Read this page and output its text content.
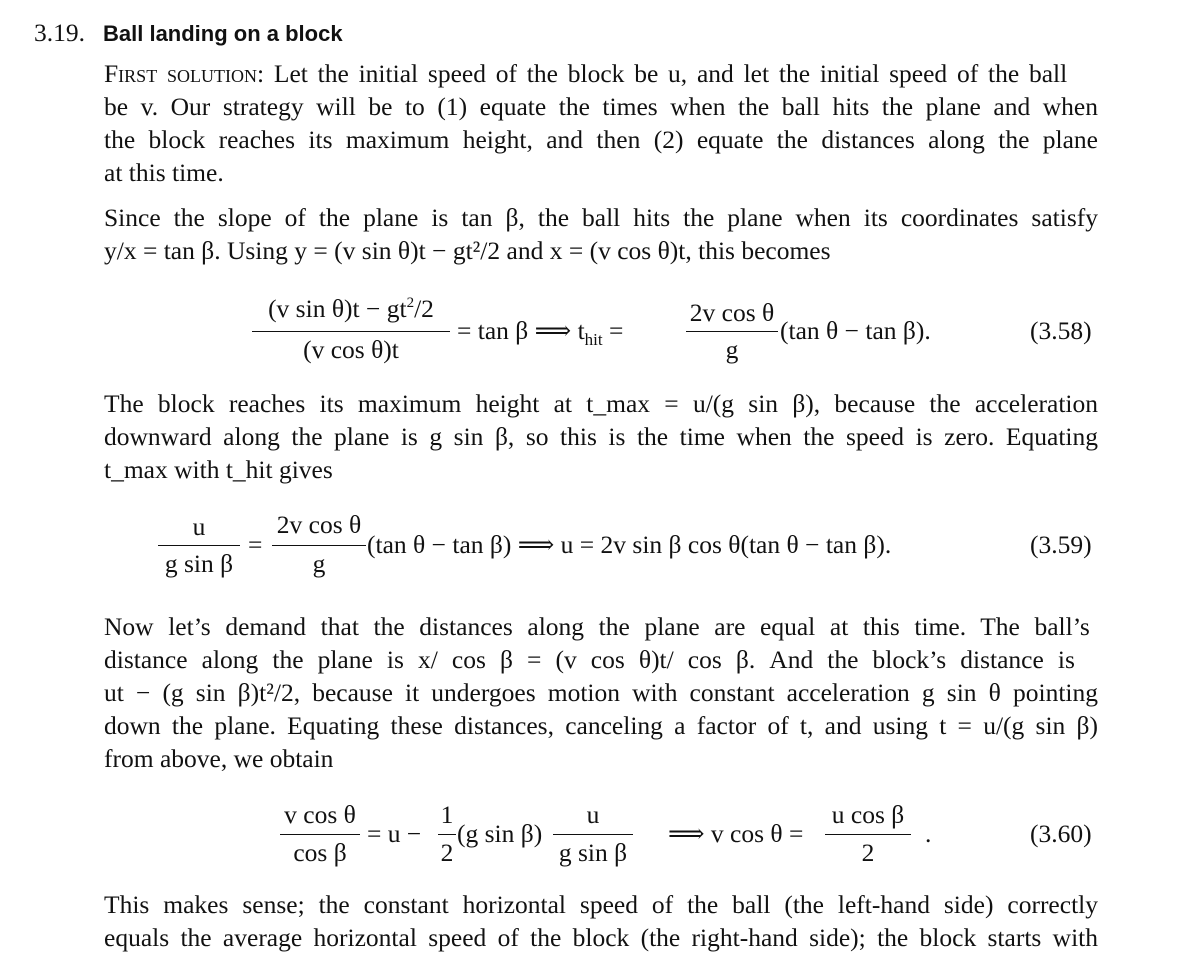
3.19. Ball landing on a block
First solution: Let the initial speed of the block be u, and let the initial speed of the ball
be v. Our strategy will be to (1) equate the times when the ball hits the plane and when
the block reaches its maximum height, and then (2) equate the distances along the plane
at this time.
Since the slope of the plane is tan β, the ball hits the plane when its coordinates satisfy
y/x = tan β. Using y = (v sin θ)t − gt²/2 and x = (v cos θ)t, this becomes
(v $\sin \theta)t - gt^2/2$
(v cos θ)t
= tan β ⟹ $t_{hit}$ =
2v cos θ
g
(tan θ − tan β).	(3.58)
The block reaches its maximum height at t_max = u/(g sin β), because the acceleration
downward along the plane is g sin β, so this is the time when the speed is zero. Equating
t_max with t_hit gives
u
g sin β
=
2v cos θ
g
(tan θ − tan β) ⟹ u = 2v sin β cos θ(tan θ − tan β).	(3.59)
Now let’s demand that the distances along the plane are equal at this time. The ball’s
distance along the plane is x/ cos β = (v cos θ)t/ cos β. And the block’s distance is
ut − (g sin β)t²/2, because it undergoes motion with constant acceleration g sin θ pointing
down the plane. Equating these distances, canceling a factor of t, and using t = u/(g sin β)
from above, we obtain
v cos θ
cos β
= u −
1
2
(g sin β)
u
g sin β
⟹ v cos θ =
u cos β
2
.	(3.60)
This makes sense; the constant horizontal speed of the ball (the left-hand side) correctly
equals the average horizontal speed of the block (the right-hand side); the block starts with
